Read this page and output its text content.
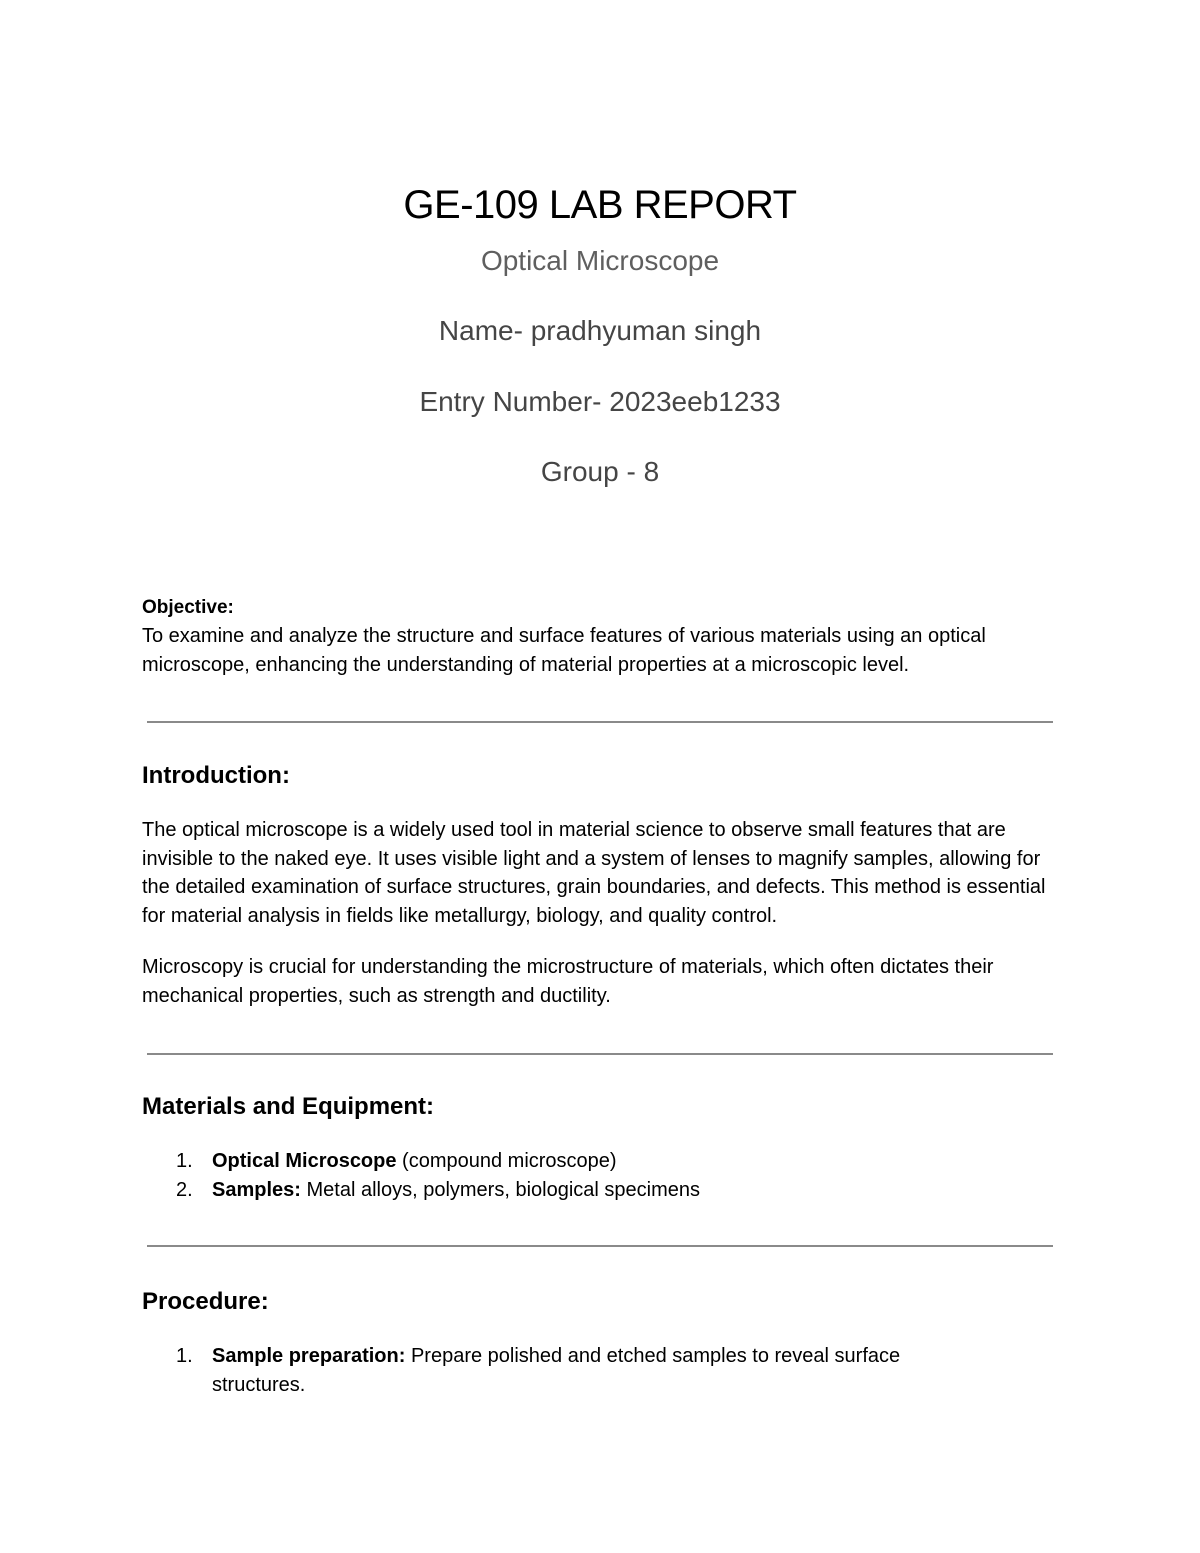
GE-109 LAB REPORT
Optical Microscope
Name- pradhyuman singh
Entry Number- 2023eeb1233
Group - 8
Objective:

To examine and analyze the structure and surface features of various materials using an optical microscope, enhancing the understanding of material properties at a microscopic level.

Introduction:

The optical microscope is a widely used tool in material science to observe small features that are invisible to the naked eye. It uses visible light and a system of lenses to magnify samples, allowing for the detailed examination of surface structures, grain boundaries, and defects. This method is essential for material analysis in fields like metallurgy, biology, and quality control.

Microscopy is crucial for understanding the microstructure of materials, which often dictates their mechanical properties, such as strength and ductility.

Materials and Equipment:
1. Optical Microscope (compound microscope)
2. Samples: Metal alloys, polymers, biological specimens
Procedure:
1. Sample preparation: Prepare polished and etched samples to reveal surface structures.
